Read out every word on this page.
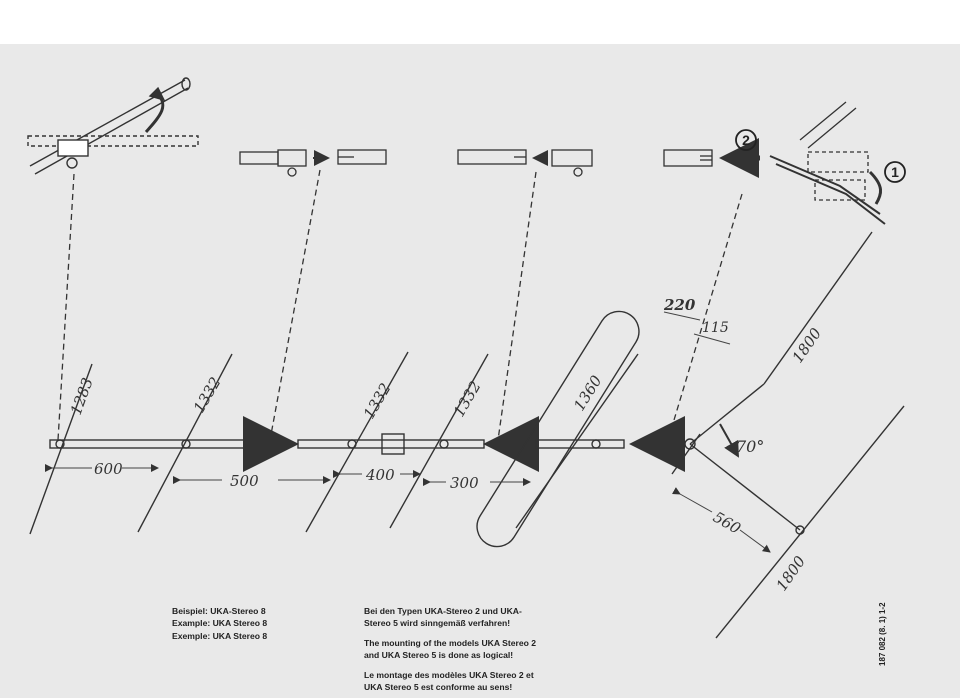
2
1
1283	1332	1332	1332	1360
220
115	1800
1800
600
500	400	300
560
70°
Beispiel: UKA-Stereo 8
Example: UKA Stereo 8
Exemple: UKA Stereo 8

Bei den Typen UKA-Stereo 2 und UKA-Stereo 5 wird sinngemäß verfahren!

The mounting of the models UKA Stereo 2 and UKA Stereo 5 is done as logical!

Le montage des modèles UKA Stereo 2 et UKA Stereo 5 est conforme au sens!

187 082 (8. 1) 1-2
